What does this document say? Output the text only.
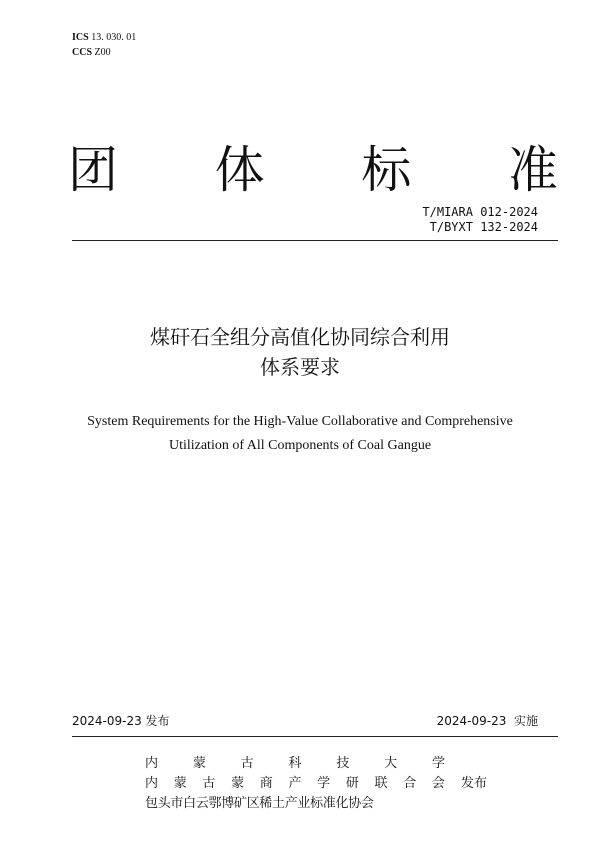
ICS 13. 030. 01
CCS Z00
团 体 标 准
T/MIARA 012-2024
T/BYXT 132-2024
煤矸石全组分高值化协同综合利用
体系要求
System Requirements for the High-Value Collaborative and Comprehensive
Utilization of All Components of Coal Gangue
2024-09-23 发布	2024-09-23  实施
内	蒙	古	科	技	大	学
内 蒙 古 蒙 商 产 学 研 联 合 会 发布
包头市白云鄂博矿区稀土产业标准化协会
